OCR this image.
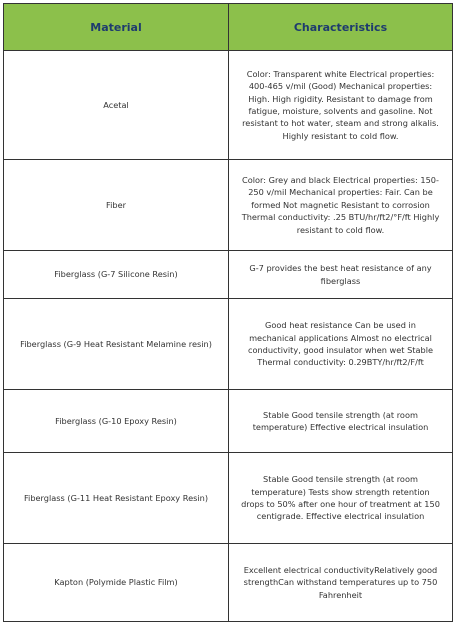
Material	Characteristics
Acetal	Color: Transparent white Electrical properties: 400-465 v/mil (Good) Mechanical properties: High. High rigidity. Resistant to damage from fatigue, moisture, solvents and gasoline. Not resistant to hot water, steam and strong alkalis. Highly resistant to cold flow.
Fiber	Color: Grey and black Electrical properties: 150-250 v/mil Mechanical properties: Fair. Can be formed Not magnetic Resistant to corrosion Thermal conductivity: .25 BTU/hr/ft2/°F/ft Highly resistant to cold flow.
Fiberglass (G-7 Silicone Resin)	G-7 provides the best heat resistance of any fiberglass
Fiberglass (G-9 Heat Resistant Melamine resin)	Good heat resistance Can be used in mechanical applications Almost no electrical conductivity, good insulator when wet Stable Thermal conductivity: 0.29BTY/hr/ft2/F/ft
Fiberglass (G-10 Epoxy Resin)	Stable Good tensile strength (at room temperature) Effective electrical insulation
Fiberglass (G-11 Heat Resistant Epoxy Resin)	Stable Good tensile strength (at room temperature) Tests show strength retention drops to 50% after one hour of treatment at 150 centigrade. Effective electrical insulation
Kapton (Polymide Plastic Film)	Excellent electrical conductivityRelatively good strengthCan withstand temperatures up to 750 Fahrenheit
